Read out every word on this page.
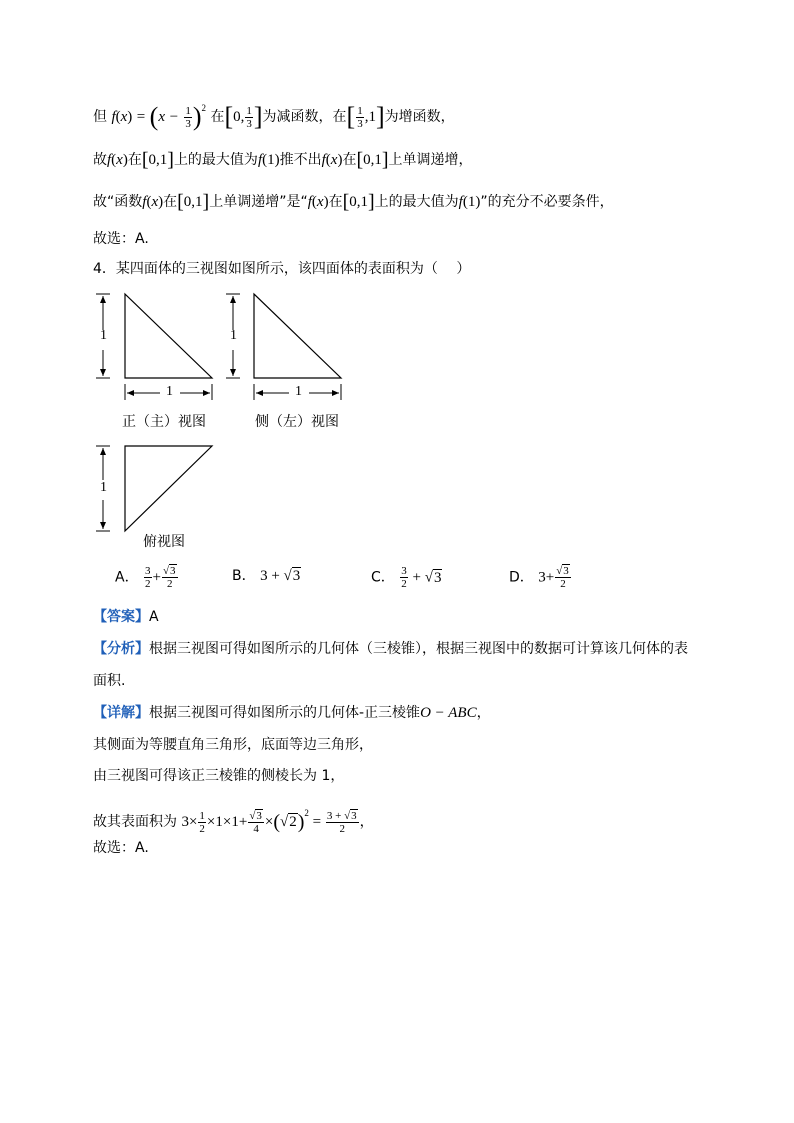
但 $f(x) = (x - \frac{1}{3} )^2$ 在[0, $\frac{1}{3}$ ]为减函数，在[ $\frac{1}{3} ,1$]为增函数，
故f(x)在[0,1]上的最大值为f(1)推不出f(x)在[0,1]上单调递增，
故“函数f(x)在[0,1]上单调递增”是“f(x)在[0,1]上的最大值为f(1)”的充分不必要条件，
故选：A.
4．某四面体的三视图如图所示，该四面体的表面积为（　 ）
1
1
1
1
1
正（主）视图	侧（左）视图
俯视图
A． $\frac{3}{2} + \frac{√3}{2}$	B． 3 + √3	C． $\frac{3}{2} + √3$	D． $3+ \frac{√3}{2}$
【答案】A
【分析】根据三视图可得如图所示的几何体（三棱锥），根据三视图中的数据可计算该几何体的表
面积.
【详解】根据三视图可得如图所示的几何体-正三棱锥O − ABC，
其侧面为等腰直角三角形，底面等边三角形，
由三视图可得该正三棱锥的侧棱长为 1，
故其表面积为 $3\times \frac{1}{2} \times 1\times 1+ \frac{√3}{4} \times(√2)^2 = \frac{3 + √3}{2}$ ，
故选：A.
